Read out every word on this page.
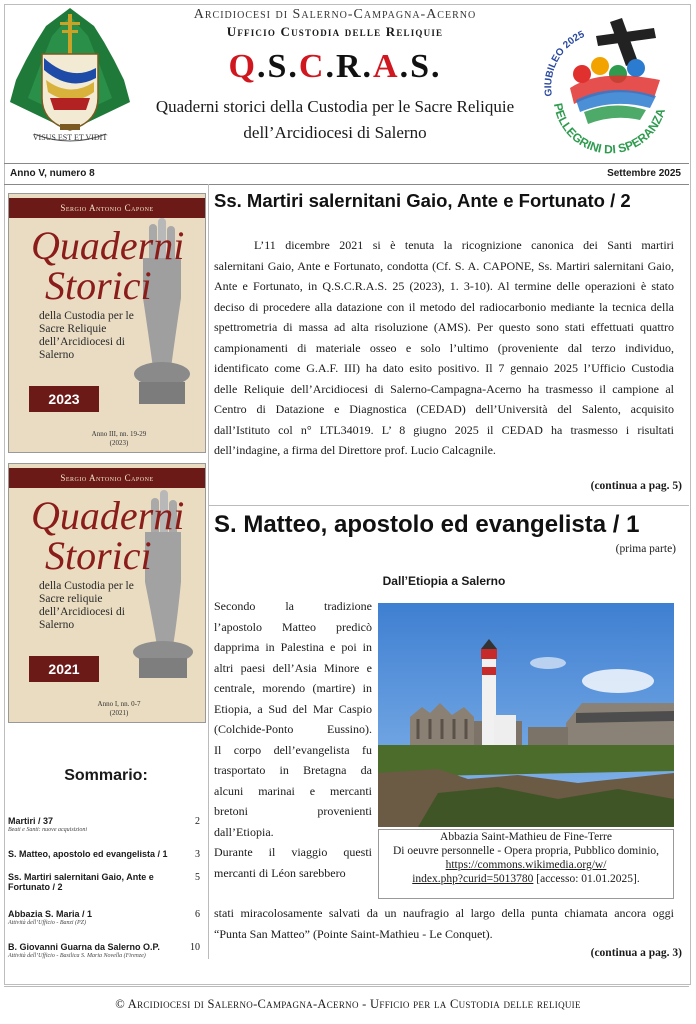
VISUS EST ET VIDIT
Arcidiocesi di Salerno-Campagna-Acerno
Ufficio Custodia delle Reliquie
Q.S.C.R.A.S.
Quaderni storici della Custodia per le Sacre Reliquie
dell’Arcidiocesi di Salerno
GIUBILEO 2025
PELLEGRINI DI SPERANZA
Anno V, numero 8	Settembre 2025
Sergio Antonio Capone
Quaderni
Storici
della Custodia per le Sacre Reliquie dell’Arcidiocesi di Salerno
2023
Anno III, nn. 19-29
(2023)
Sergio Antonio Capone
Quaderni
Storici
della Custodia per le Sacre reliquie dell’Arcidiocesi di Salerno
2021
Anno I, nn. 0-7
(2021)
Sommario:
Martiri / 37
Beati e Santi: nuove acquisizioni
2
S. Matteo, apostolo ed evangelista / 1	3
Ss. Martiri salernitani Gaio, Ante e Fortunato / 2
5
Abbazia S. Maria / 1
Attività dell’Ufficio - Banzi (PZ)
6
B. Giovanni Guarna da Salerno O.P.
Attività dell’Ufficio - Basilica S. Maria Novella (Firenze)
10
Ss. Martiri salernitani Gaio, Ante e Fortunato / 2
L’11 dicembre 2021 si è tenuta la ricognizione canonica dei Santi martiri
salernitani Gaio, Ante e Fortunato, condotta (Cf. S. A. CAPONE, Ss. Martiri salernitani Gaio,
Ante e Fortunato, in Q.S.C.R.A.S. 25 (2023), 1. 3-10). Al termine delle operazioni è stato
deciso di procedere alla datazione con il metodo del radiocarbonio mediante la tecnica della
spettrometria di massa ad alta risoluzione (AMS). Per questo sono stati effettuati quattro
campionamenti di materiale osseo e solo l’ultimo (proveniente dal terzo individuo,
identificato come G.A.F. III) ha dato esito positivo. Il 7 gennaio 2025 l’Ufficio Custodia
delle Reliquie dell’Arcidiocesi di Salerno-Campagna-Acerno ha trasmesso il campione al
Centro di Datazione e Diagnostica (CEDAD) dell’Università del Salento, acquisito
dall’Istituto col n° LTL34019. L’ 8 giugno 2025 il CEDAD ha trasmesso i risultati
dell’indagine, a firma del Direttore prof. Lucio Calcagnile.
(continua a pag. 5)
S. Matteo, apostolo ed evangelista / 1
(prima parte)
Dall’Etiopia a Salerno
Secondo la tradizione
l’apostolo Matteo predicò
dapprima in Palestina e poi in
altri paesi dell’Asia Minore e
centrale, morendo (martire) in
Etiopia, a Sud del Mar Caspio
(Colchide-Ponto Eussino).
Il corpo dell’evangelista fu
trasportato in Bretagna da
alcuni marinai e mercanti
bretoni provenienti
dall’Etiopia.
Durante il viaggio questi
mercanti di Léon sarebbero
Abbazia Saint-Mathieu de Fine-Terre
Di oeuvre personnelle - Opera propria, Pubblico dominio,
https://commons.wikimedia.org/w/
index.php?curid=5013780 [accesso: 01.01.2025].
stati miracolosamente salvati da un naufragio al largo della punta chiamata ancora oggi
“Punta San Matteo” (Pointe Saint-Mathieu - Le Conquet).
(continua a pag. 3)
© Arcidiocesi di Salerno-Campagna-Acerno - Ufficio per la Custodia delle reliquie
